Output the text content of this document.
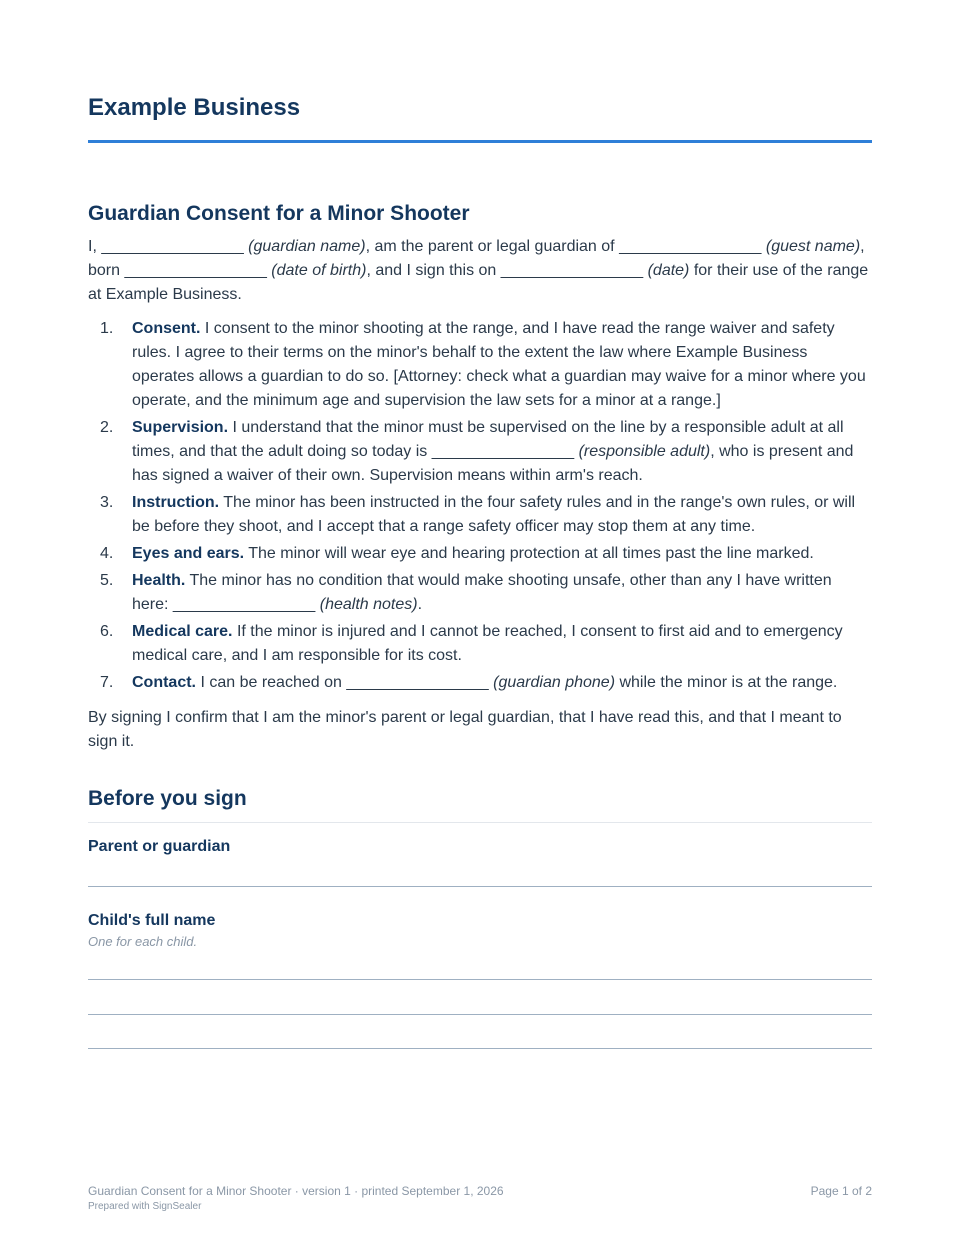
Example Business
Guardian Consent for a Minor Shooter

I, ________________ (guardian name), am the parent or legal guardian of ________________ (guest name), born ________________ (date of birth), and I sign this on ________________ (date) for their use of the range at Example Business.

1. Consent. I consent to the minor shooting at the range, and I have read the range waiver and safety rules. I agree to their terms on the minor's behalf to the extent the law where Example Business operates allows a guardian to do so. [Attorney: check what a guardian may waive for a minor where you operate, and the minimum age and supervision the law sets for a minor at a range.]
2. Supervision. I understand that the minor must be supervised on the line by a responsible adult at all times, and that the adult doing so today is ________________ (responsible adult), who is present and has signed a waiver of their own. Supervision means within arm's reach.
3. Instruction. The minor has been instructed in the four safety rules and in the range's own rules, or will be before they shoot, and I accept that a range safety officer may stop them at any time.
4. Eyes and ears. The minor will wear eye and hearing protection at all times past the line marked.
5. Health. The minor has no condition that would make shooting unsafe, other than any I have written here: ________________ (health notes).
6. Medical care. If the minor is injured and I cannot be reached, I consent to first aid and to emergency medical care, and I am responsible for its cost.
7. Contact. I can be reached on ________________ (guardian phone) while the minor is at the range.

By signing I confirm that I am the minor's parent or legal guardian, that I have read this, and that I meant to sign it.

Before you sign
Parent or guardian
Child's full name
One for each child.
Guardian Consent for a Minor Shooter · version 1 · printed September 1, 2026
Prepared with SignSealer
Page 1 of 2
